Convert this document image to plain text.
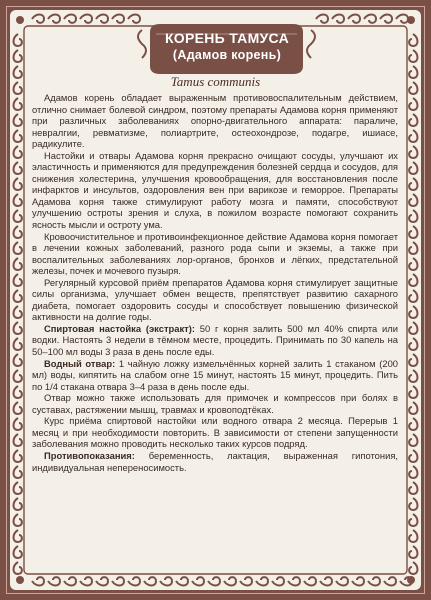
КОРЕНЬ ТАМУСА
(Адамов корень)
Tamus communis

Адамов корень обладает выраженным противовоспалительным действием, отлично снимает болевой синдром, поэтому препараты Адамова корня применяют при различных заболеваниях опорно-двигательного аппарата: параличе, невралгии, ревматизме, полиартрите, остеохондрозе, подагре, ишиасе, радикулите.

Настойки и отвары Адамова корня прекрасно очищают сосуды, улучшают их эластичность и применяются для предупреждения болезней сердца и сосудов, для снижения холестерина, улучшения кровообращения, для восстановления после инфарктов и инсультов, оздоровления вен при варикозе и геморрое. Препараты Адамова корня также стимулируют работу мозга и памяти, способствуют улучшению остроты зрения и слуха, в пожилом возрасте помогают сохранить ясность мысли и остроту ума.

Кровоочистительное и противоинфекционное действие Адамова корня помогает в лечении кожных заболеваний, разного рода сыпи и экземы, а также при воспалительных заболеваниях лор-органов, бронхов и лёгких, предстательной железы, почек и мочевого пузыря.

Регулярный курсовой приём препаратов Адамова корня стимулирует защитные силы организма, улучшает обмен веществ, препятствует развитию сахарного диабета, помогает оздоровить сосуды и способствует повышению физической активности на долгие годы.

Спиртовая настойка (экстракт): 50 г корня залить 500 мл 40% спирта или водки. Настоять 3 недели в тёмном месте, процедить. Принимать по 30 капель на 50–100 мл воды 3 раза в день после еды.

Водный отвар: 1 чайную ложку измельчённых корней залить 1 стаканом (200 мл) воды, кипятить на слабом огне 15 минут, настоять 15 минут, процедить. Пить по 1/4 стакана отвара 3–4 раза в день после еды.

Отвар можно также использовать для примочек и компрессов при болях в суставах, растяжении мышц, травмах и кровоподтёках.

Курс приёма спиртовой настойки или водного отвара 2 месяца. Перерыв 1 месяц и при необходимости повторить. В зависимости от степени запущенности заболевания можно проводить несколько таких курсов подряд.

Противопоказания: беременность, лактация, выраженная гипотония, индивидуальная непереносимость.
